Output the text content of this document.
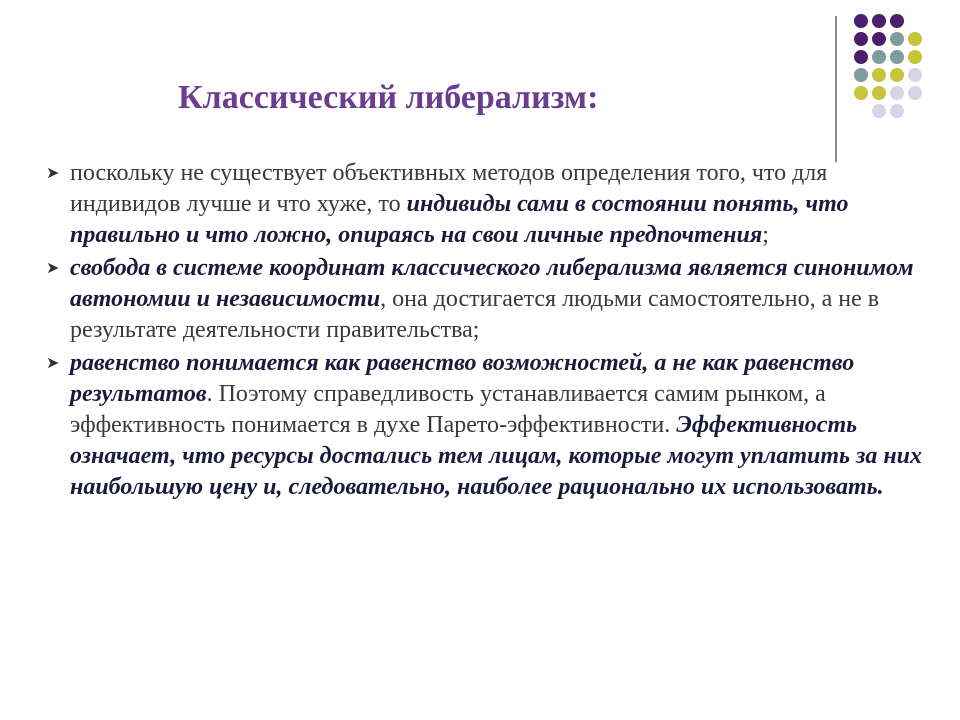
Классический либерализм:
➤ поскольку не существует объективных методов определения того, что для индивидов лучше и что хуже, то индивиды сами в состоянии понять, что правильно и что ложно, опираясь на свои личные предпочтения;
➤ свобода в системе координат классического либерализма является синонимом автономии и независимости, она достигается людьми самостоятельно, а не в результате деятельности правительства;
➤ равенство понимается как равенство возможностей, а не как равенство результатов. Поэтому справедливость устанавливается самим рынком, а эффективность понимается в духе Парето-эффективности. Эффективность означает, что ресурсы достались тем лицам, которые могут уплатить за них наибольшую цену и, следовательно, наиболее рационально их использовать.
